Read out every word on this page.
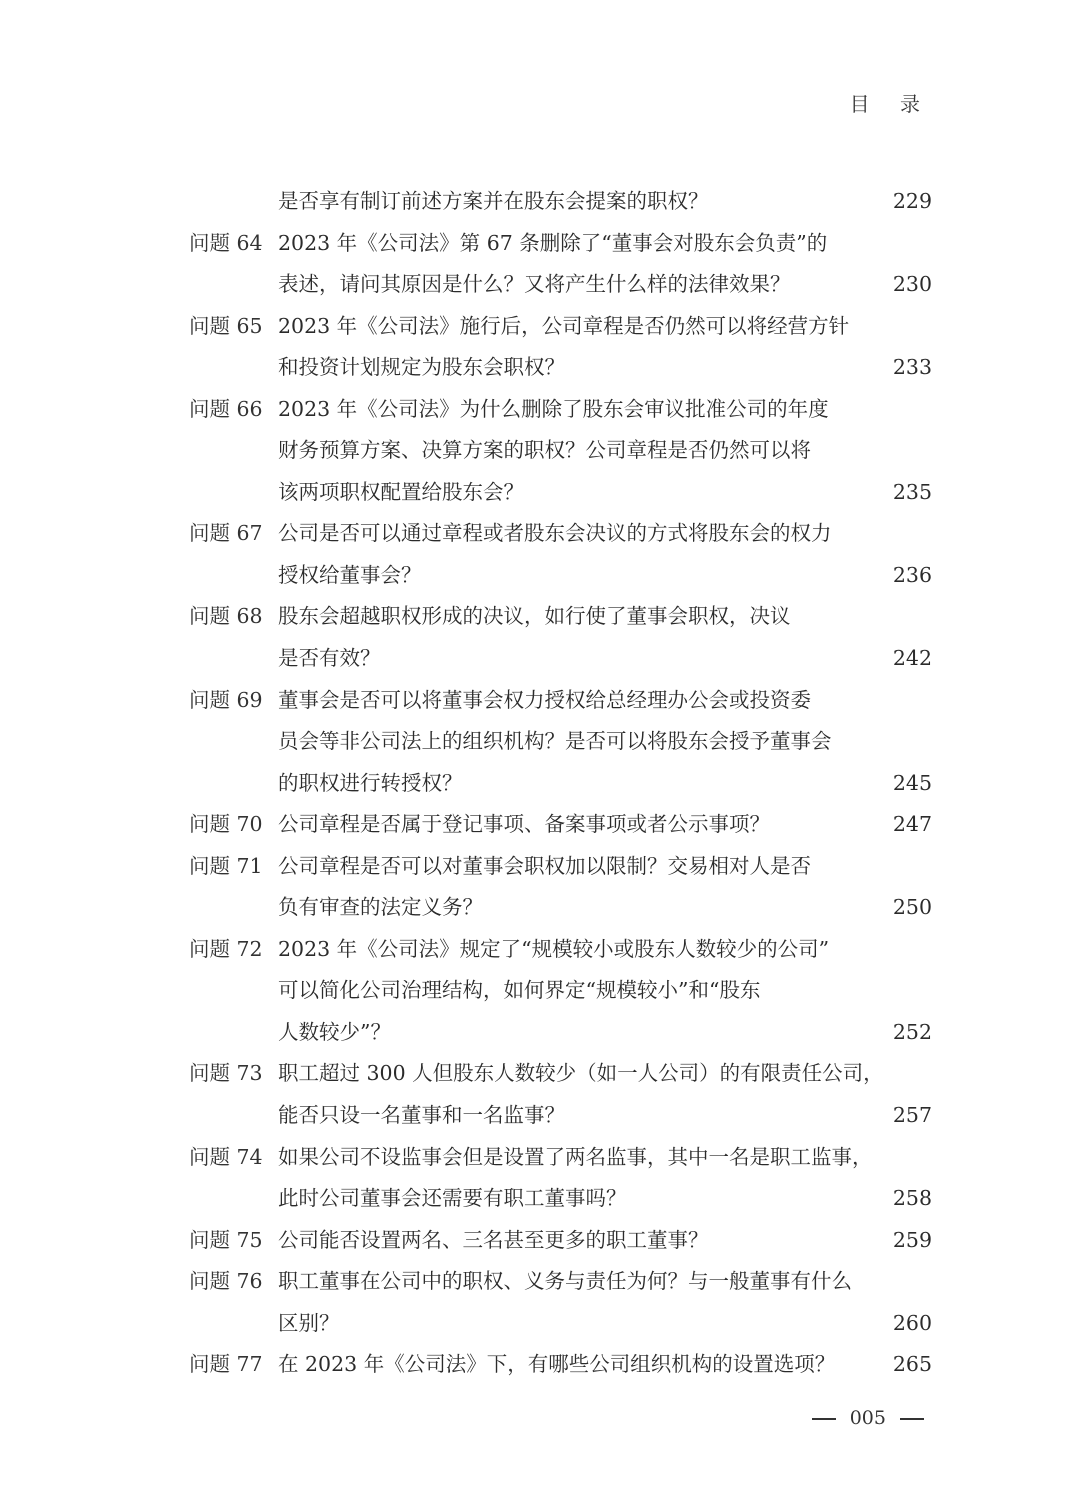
目 录
是否享有制订前述方案并在股东会提案的职权？	229
问题 64 2023 年《公司法》第 67 条删除了“董事会对股东会负责”的
表述，请问其原因是什么？又将产生什么样的法律效果？	230
问题 65 2023 年《公司法》施行后，公司章程是否仍然可以将经营方针
和投资计划规定为股东会职权？	233
问题 66 2023 年《公司法》为什么删除了股东会审议批准公司的年度
财务预算方案、决算方案的职权？公司章程是否仍然可以将
该两项职权配置给股东会？	235
问题 67 公司是否可以通过章程或者股东会决议的方式将股东会的权力
授权给董事会？	236
问题 68 股东会超越职权形成的决议，如行使了董事会职权，决议
是否有效？	242
问题 69 董事会是否可以将董事会权力授权给总经理办公会或投资委
员会等非公司法上的组织机构？是否可以将股东会授予董事会
的职权进行转授权？	245
问题 70 公司章程是否属于登记事项、备案事项或者公示事项？	247
问题 71 公司章程是否可以对董事会职权加以限制？交易相对人是否
负有审查的法定义务？	250
问题 72 2023 年《公司法》规定了“规模较小或股东人数较少的公司”
可以简化公司治理结构，如何界定“规模较小”和“股东
人数较少”？	252
问题 73 职工超过 300 人但股东人数较少（如一人公司）的有限责任公司，
能否只设一名董事和一名监事？	257
问题 74 如果公司不设监事会但是设置了两名监事，其中一名是职工监事，
此时公司董事会还需要有职工董事吗？	258
问题 75 公司能否设置两名、三名甚至更多的职工董事？	259
问题 76 职工董事在公司中的职权、义务与责任为何？与一般董事有什么
区别？	260
问题 77 在 2023 年《公司法》下，有哪些公司组织机构的设置选项？	265
005
